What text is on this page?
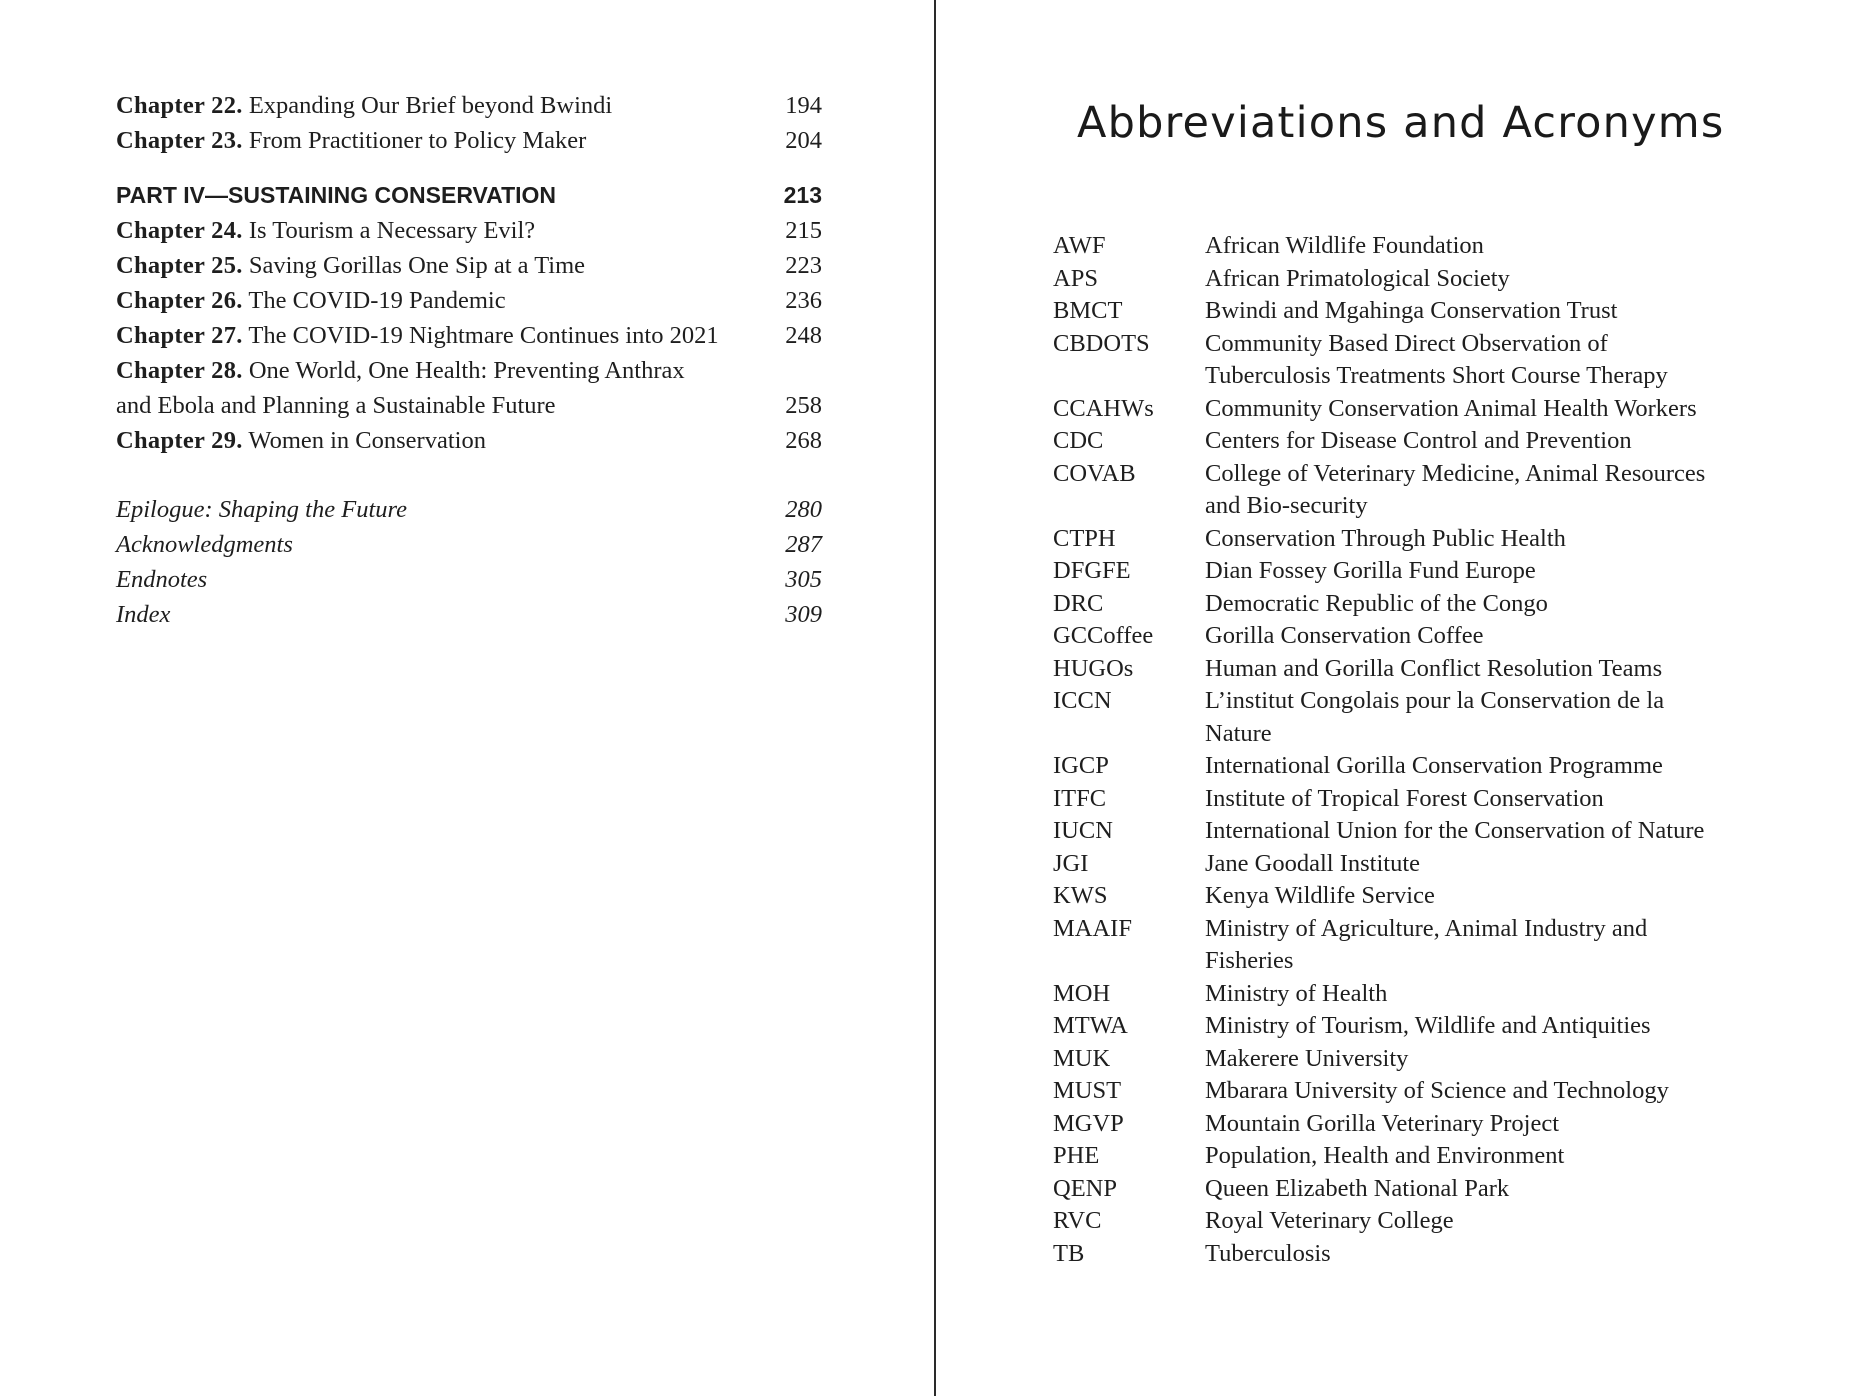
Chapter 22. Expanding Our Brief beyond Bwindi	194
Chapter 23. From Practitioner to Policy Maker	204
PART IV—SUSTAINING CONSERVATION	213
Chapter 24. Is Tourism a Necessary Evil?	215
Chapter 25. Saving Gorillas One Sip at a Time	223
Chapter 26. The COVID-19 Pandemic	236
Chapter 27. The COVID-19 Nightmare Continues into 2021	248
Chapter 28. One World, One Health: Preventing Anthrax
and Ebola and Planning a Sustainable Future	258
Chapter 29. Women in Conservation	268
Epilogue: Shaping the Future	280
Acknowledgments	287
Endnotes	305
Index	309
Abbreviations and Acronyms
AWF	African Wildlife Foundation
APS	African Primatological Society
BMCT	Bwindi and Mgahinga Conservation Trust
CBDOTS	Community Based Direct Observation of
Tuberculosis Treatments Short Course Therapy
CCAHWs	Community Conservation Animal Health Workers
CDC	Centers for Disease Control and Prevention
COVAB	College of Veterinary Medicine, Animal Resources
and Bio-security
CTPH	Conservation Through Public Health
DFGFE	Dian Fossey Gorilla Fund Europe
DRC	Democratic Republic of the Congo
GCCoffee	Gorilla Conservation Coffee
HUGOs	Human and Gorilla Conflict Resolution Teams
ICCN	L’institut Congolais pour la Conservation de la
Nature
IGCP	International Gorilla Conservation Programme
ITFC	Institute of Tropical Forest Conservation
IUCN	International Union for the Conservation of Nature
JGI	Jane Goodall Institute
KWS	Kenya Wildlife Service
MAAIF	Ministry of Agriculture, Animal Industry and
Fisheries
MOH	Ministry of Health
MTWA	Ministry of Tourism, Wildlife and Antiquities
MUK	Makerere University
MUST	Mbarara University of Science and Technology
MGVP	Mountain Gorilla Veterinary Project
PHE	Population, Health and Environment
QENP	Queen Elizabeth National Park
RVC	Royal Veterinary College
TB	Tuberculosis
